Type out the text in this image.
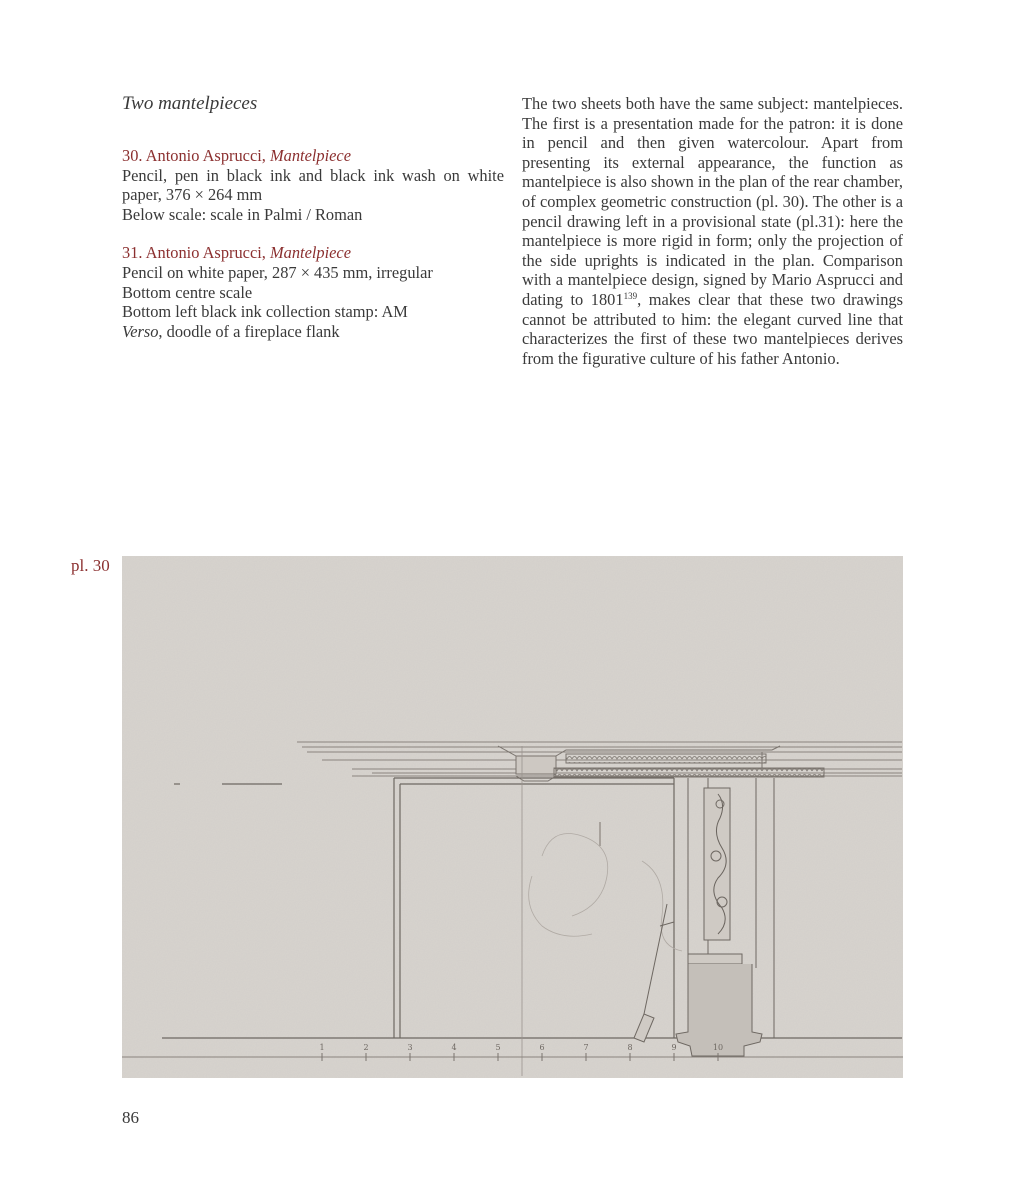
Two mantelpieces
30. Antonio Asprucci, Mantelpiece

Pencil, pen in black ink and black ink wash on white paper, 376 × 264 mm

Below scale: scale in Palmi / Roman

31. Antonio Asprucci, Mantelpiece

Pencil on white paper, 287 × 435 mm, irregular

Bottom centre scale

Bottom left black ink collection stamp: AM

Verso, doodle of a fireplace flank

The two sheets both have the same subject: mantelpieces. The first is a presentation made for the patron: it is done in pencil and then given watercolour. Apart from presenting its external appearance, the function as mantelpiece is also shown in the plan of the rear chamber, of complex geometric construction (pl. 30). The other is a pencil drawing left in a provisional state (pl.31): here the mantelpiece is more rigid in form; only the projection of the side uprights is indicated in the plan. Comparison with a mantelpiece design, signed by Mario Asprucci and dating to 1801$^{139}$, makes clear that these two drawings cannot be attributed to him: the elegant curved line that characterizes the first of these two mantelpieces derives from the figurative culture of his father Antonio.

pl. 30
1	2	3	4	5	6	7	8	9	10
86
